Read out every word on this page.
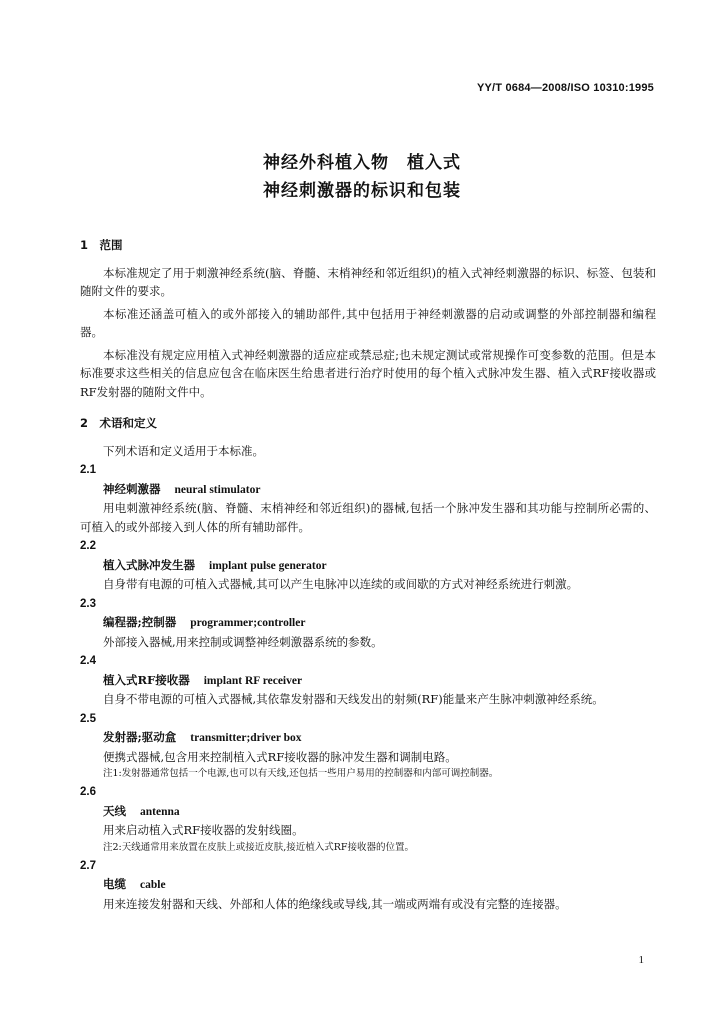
YY/T 0684—2008/ISO 10310:1995
神经外科植入物　植入式
神经刺激器的标识和包装
1　范围
本标准规定了用于刺激神经系统(脑、脊髓、末梢神经和邻近组织)的植入式神经刺激器的标识、标签、包装和随附文件的要求。
本标准还涵盖可植入的或外部接入的辅助部件,其中包括用于神经刺激器的启动或调整的外部控制器和编程器。
本标准没有规定应用植入式神经刺激器的适应症或禁忌症;也未规定测试或常规操作可变参数的范围。但是本标准要求这些相关的信息应包含在临床医生给患者进行治疗时使用的每个植入式脉冲发生器、植入式RF接收器或RF发射器的随附文件中。
2　术语和定义
下列术语和定义适用于本标准。
2.1
神经刺激器 neural stimulator
用电刺激神经系统(脑、脊髓、末梢神经和邻近组织)的器械,包括一个脉冲发生器和其功能与控制所必需的、可植入的或外部接入到人体的所有辅助部件。
2.2
植入式脉冲发生器 implant pulse generator
自身带有电源的可植入式器械,其可以产生电脉冲以连续的或间歇的方式对神经系统进行刺激。
2.3
编程器;控制器 programmer;controller
外部接入器械,用来控制或调整神经刺激器系统的参数。
2.4
植入式RF接收器 implant RF receiver
自身不带电源的可植入式器械,其依靠发射器和天线发出的射频(RF)能量来产生脉冲刺激神经系统。
2.5
发射器;驱动盒 transmitter;driver box
便携式器械,包含用来控制植入式RF接收器的脉冲发生器和调制电路。
注1:发射器通常包括一个电源,也可以有天线,还包括一些用户易用的控制器和内部可调控制器。
2.6
天线 antenna
用来启动植入式RF接收器的发射线圈。
注2:天线通常用来放置在皮肤上或接近皮肤,接近植入式RF接收器的位置。
2.7
电缆 cable
用来连接发射器和天线、外部和人体的绝缘线或导线,其一端或两端有或没有完整的连接器。
1
